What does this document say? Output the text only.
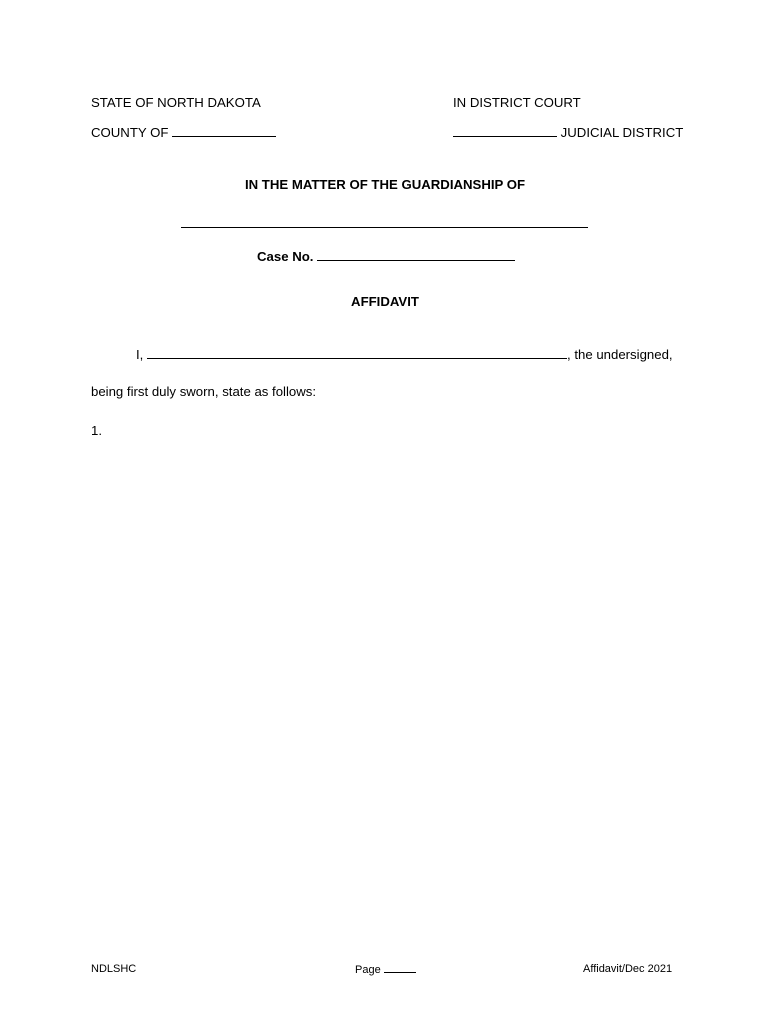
STATE OF NORTH DAKOTA	IN DISTRICT COURT
COUNTY OF	JUDICIAL DISTRICT
IN THE MATTER OF THE GUARDIANSHIP OF
Case No.
AFFIDAVIT
I,	, the undersigned,
being first duly sworn, state as follows:
1.
NDLSHC	Page	Affidavit/Dec 2021
